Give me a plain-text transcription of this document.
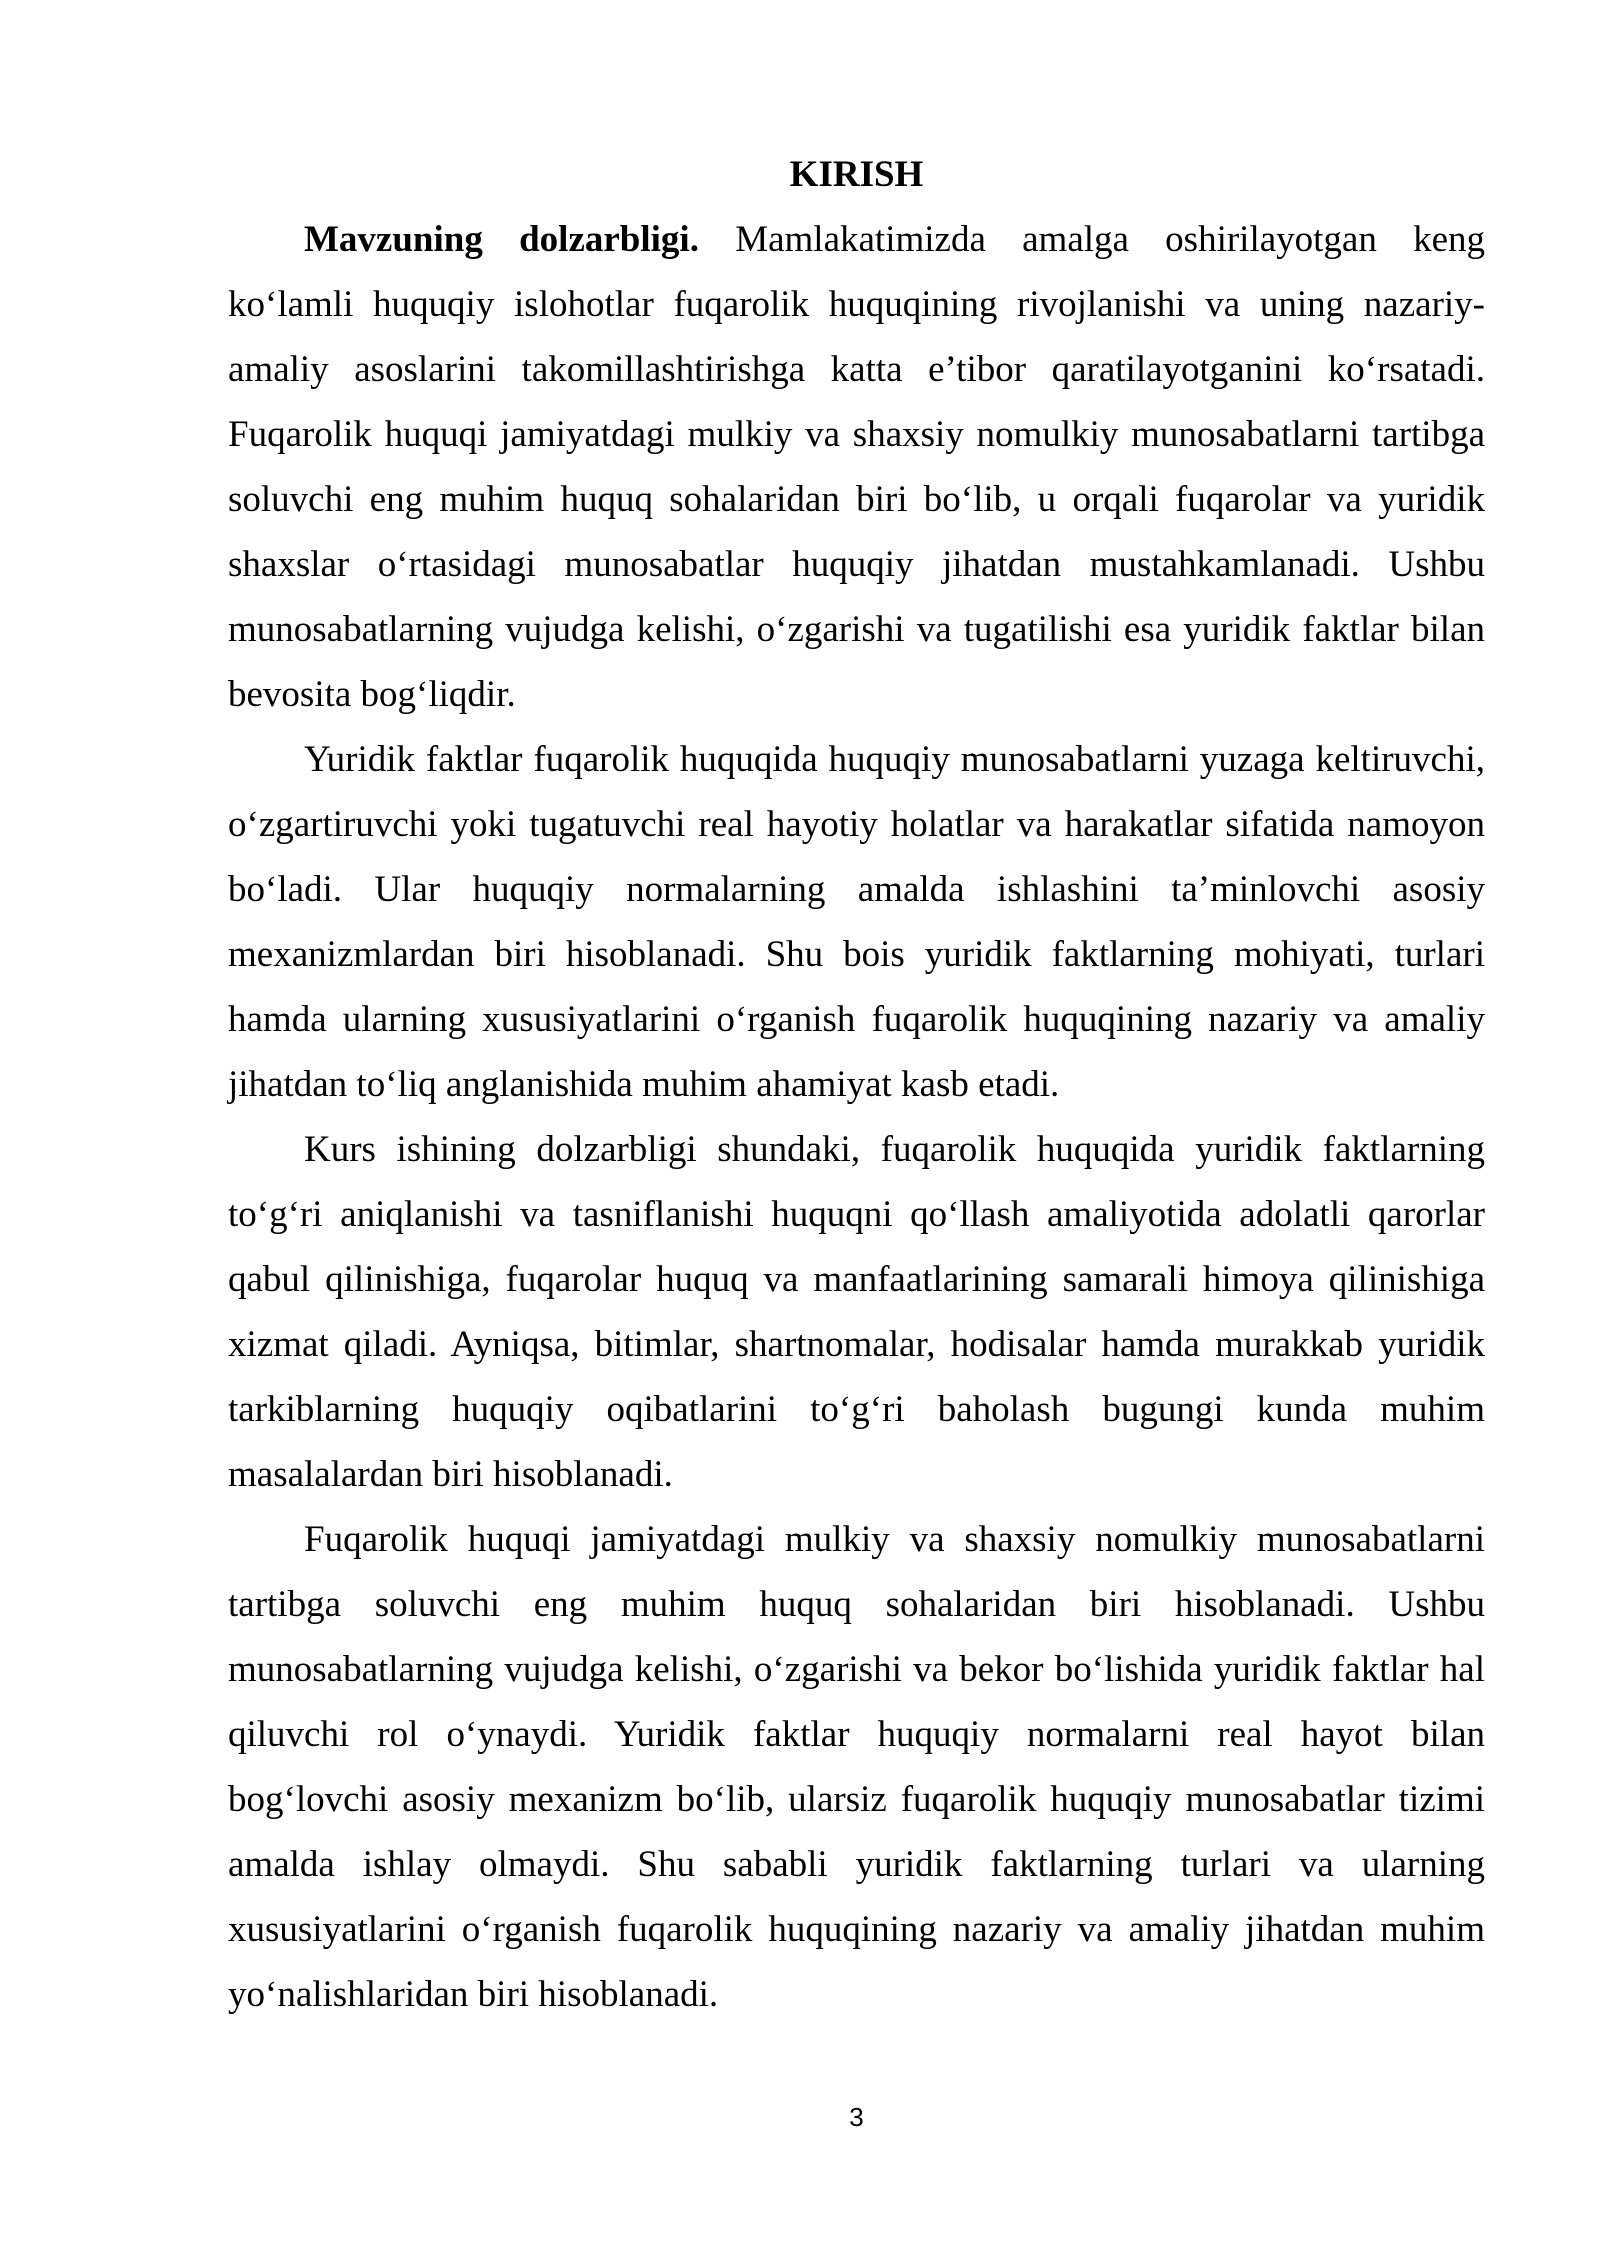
KIRISH
Mavzuning dolzarbligi. Mamlakatimizda amalga oshirilayotgan keng
ko‘lamli huquqiy islohotlar fuqarolik huquqining rivojlanishi va uning nazariy-
amaliy asoslarini takomillashtirishga katta e’tibor qaratilayotganini ko‘rsatadi.
Fuqarolik huquqi jamiyatdagi mulkiy va shaxsiy nomulkiy munosabatlarni tartibga
soluvchi eng muhim huquq sohalaridan biri bo‘lib, u orqali fuqarolar va yuridik
shaxslar o‘rtasidagi munosabatlar huquqiy jihatdan mustahkamlanadi. Ushbu
munosabatlarning vujudga kelishi, o‘zgarishi va tugatilishi esa yuridik faktlar bilan
bevosita bog‘liqdir.
Yuridik faktlar fuqarolik huquqida huquqiy munosabatlarni yuzaga keltiruvchi,
o‘zgartiruvchi yoki tugatuvchi real hayotiy holatlar va harakatlar sifatida namoyon
bo‘ladi. Ular huquqiy normalarning amalda ishlashini ta’minlovchi asosiy
mexanizmlardan biri hisoblanadi. Shu bois yuridik faktlarning mohiyati, turlari
hamda ularning xususiyatlarini o‘rganish fuqarolik huquqining nazariy va amaliy
jihatdan to‘liq anglanishida muhim ahamiyat kasb etadi.
Kurs ishining dolzarbligi shundaki, fuqarolik huquqida yuridik faktlarning
to‘g‘ri aniqlanishi va tasniflanishi huquqni qo‘llash amaliyotida adolatli qarorlar
qabul qilinishiga, fuqarolar huquq va manfaatlarining samarali himoya qilinishiga
xizmat qiladi. Ayniqsa, bitimlar, shartnomalar, hodisalar hamda murakkab yuridik
tarkiblarning huquqiy oqibatlarini to‘g‘ri baholash bugungi kunda muhim
masalalardan biri hisoblanadi.
Fuqarolik huquqi jamiyatdagi mulkiy va shaxsiy nomulkiy munosabatlarni
tartibga soluvchi eng muhim huquq sohalaridan biri hisoblanadi. Ushbu
munosabatlarning vujudga kelishi, o‘zgarishi va bekor bo‘lishida yuridik faktlar hal
qiluvchi rol o‘ynaydi. Yuridik faktlar huquqiy normalarni real hayot bilan
bog‘lovchi asosiy mexanizm bo‘lib, ularsiz fuqarolik huquqiy munosabatlar tizimi
amalda ishlay olmaydi. Shu sababli yuridik faktlarning turlari va ularning
xususiyatlarini o‘rganish fuqarolik huquqining nazariy va amaliy jihatdan muhim
yo‘nalishlaridan biri hisoblanadi.
3
